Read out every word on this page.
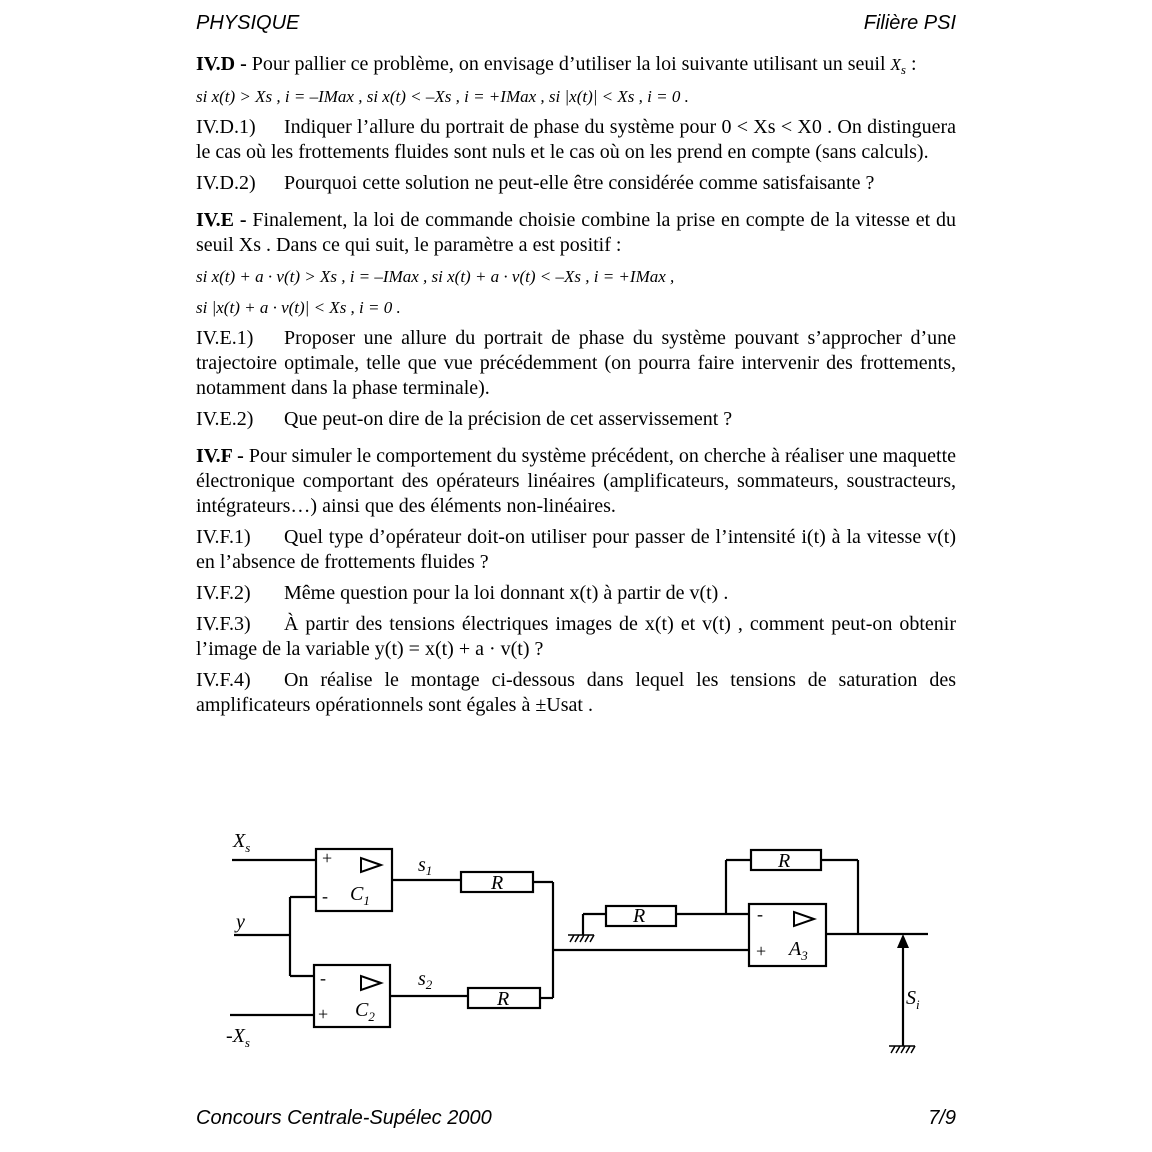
PHYSIQUE	Filière PSI

IV.D - Pour pallier ce problème, on envisage d’utiliser la loi suivante utilisant un seuil $X_s$ :

si x(t) > Xs , i = –IMax , si x(t) < –Xs , i = +IMax , si |x(t)| < Xs , i = 0 .

IV.D.1) Indiquer l’allure du portrait de phase du système pour 0 < Xs < X0 . On distinguera le cas où les frottements fluides sont nuls et le cas où on les prend en compte (sans calculs).

IV.D.2) Pourquoi cette solution ne peut-elle être considérée comme satisfaisante ?

IV.E - Finalement, la loi de commande choisie combine la prise en compte de la vitesse et du seuil Xs . Dans ce qui suit, le paramètre a est positif :

si x(t) + a · v(t) > Xs , i = –IMax , si x(t) + a · v(t) < –Xs , i = +IMax ,

si |x(t) + a · v(t)| < Xs , i = 0 .

IV.E.1) Proposer une allure du portrait de phase du système pouvant s’approcher d’une trajectoire optimale, telle que vue précédemment (on pourra faire intervenir des frottements, notamment dans la phase terminale).

IV.E.2) Que peut-on dire de la précision de cet asservissement ?

IV.F - Pour simuler le comportement du système précédent, on cherche à réaliser une maquette électronique comportant des opérateurs linéaires (amplificateurs, sommateurs, soustracteurs, intégrateurs…) ainsi que des éléments non-linéaires.

IV.F.1) Quel type d’opérateur doit-on utiliser pour passer de l’intensité i(t) à la vitesse v(t) en l’absence de frottements fluides ?

IV.F.2) Même question pour la loi donnant x(t) à partir de v(t) .

IV.F.3) À partir des tensions électriques images de x(t) et v(t) , comment peut-on obtenir l’image de la variable y(t) = x(t) + a · v(t) ?

IV.F.4) On réalise le montage ci-dessous dans lequel les tensions de saturation des amplificateurs opérationnels sont égales à ±Usat .

$X_s$
y
$-X_s$
$C_1$
$C_2$
$A_3$
$s_1$
$s_2$
$S_i$
R
R
R
R
+
-
-
+
-
+
Concours Centrale-Supélec 2000	7/9
